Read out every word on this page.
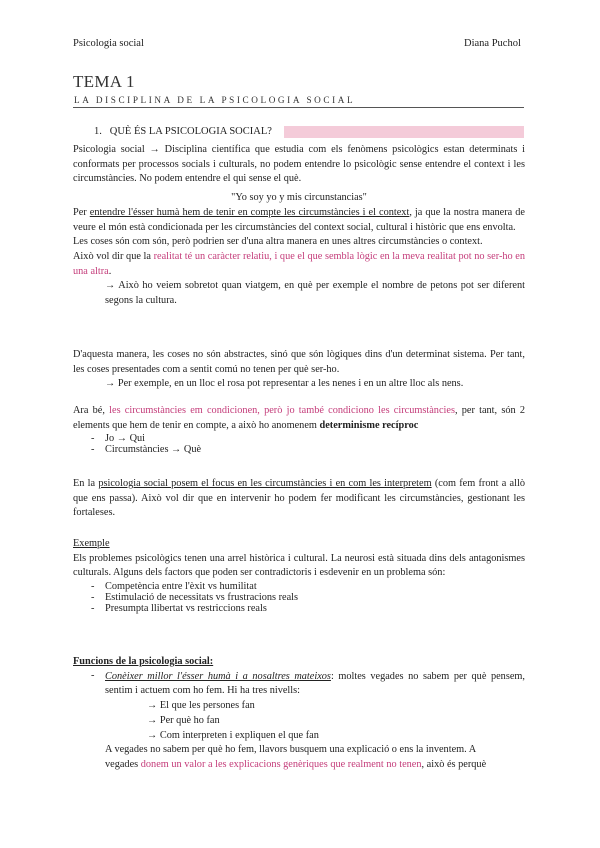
Psicologia social	Diana Puchol
TEMA 1
LA DISCIPLINA DE LA PSICOLOGIA SOCIAL
1. QUÈ ÉS LA PSICOLOGIA SOCIAL?

Psicologia social → Disciplina científica que estudia com els fenòmens psicològics estan determinats i conformats per processos socials i culturals, no podem entendre lo psicològic sense entendre el context i les circumstàncies. No podem entendre el qui sense el què.

"Yo soy yo y mis circunstancias"

Per entendre l'ésser humà hem de tenir en compte les circumstàncies i el context, ja que la nostra manera de veure el món està condicionada per les circumstàncies del context social, cultural i històric que ens envolta.

Les coses són com són, però podrien ser d'una altra manera en unes altres circumstàncies o context.

Això vol dir que la realitat té un caràcter relatiu, i que el que sembla lògic en la meva realitat pot no ser-ho en una altra.

→ Això ho veiem sobretot quan viatgem, en què per exemple el nombre de petons pot ser diferent segons la cultura.

D'aquesta manera, les coses no són abstractes, sinó que són lògiques dins d'un determinat sistema. Per tant, les coses presentades com a sentit comú no tenen per què ser-ho.

→ Per exemple, en un lloc el rosa pot representar a les nenes i en un altre lloc als nens.

Ara bé, les circumstàncies em condicionen, però jo també condiciono les circumstàncies, per tant, són 2 elements que hem de tenir en compte, a això ho anomenem determinisme recíproc

-	Jo → Qui
-	Circumstàncies → Què

En la psicologia social posem el focus en les circumstàncies i en com les interpretem (com fem front a allò que ens passa). Això vol dir que en intervenir ho podem fer modificant les circumstàncies, gestionant les fortaleses.

Exemple

Els problemes psicològics tenen una arrel històrica i cultural. La neurosi està situada dins dels antagonismes culturals. Alguns dels factors que poden ser contradictoris i esdevenir en un problema són:

-	Competència entre l'èxit vs humilitat
-	Estimulació de necessitats vs frustracions reals
-	Presumpta llibertat vs restriccions reals

Funcions de la psicologia social:

-	Conèixer millor l'ésser humà i a nosaltres mateixos: moltes vegades no sabem per què pensem, sentim i actuem com ho fem. Hi ha tres nivells:

→ El que les persones fan

→ Per què ho fan

→ Com interpreten i expliquen el que fan

A vegades no sabem per què ho fem, llavors busquem una explicació o ens la inventem. A

vegades donem un valor a les explicacions genèriques que realment no tenen, això és perquè
